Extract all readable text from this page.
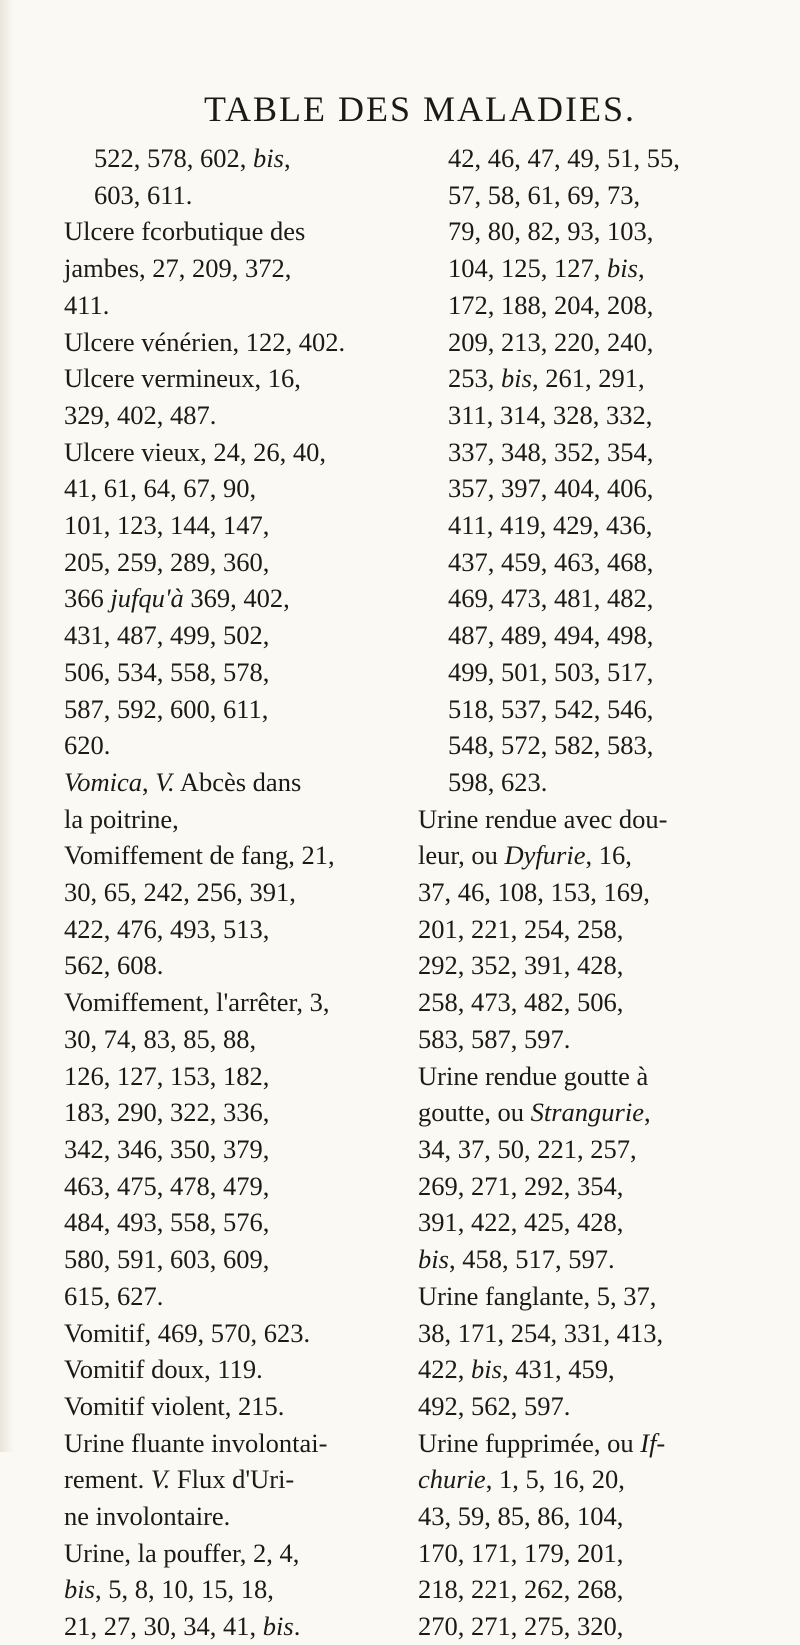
TABLE DES MALADIES.
522, 578, 602, bis,
603, 611.
Ulcere fcorbutique des
jambes, 27, 209, 372,
411.
Ulcere vénérien, 122, 402.
Ulcere vermineux, 16,
329, 402, 487.
Ulcere vieux, 24, 26, 40,
41, 61, 64, 67, 90,
101, 123, 144, 147,
205, 259, 289, 360,
366 jufqu'à 369, 402,
431, 487, 499, 502,
506, 534, 558, 578,
587, 592, 600, 611,
620.
Vomica, V. Abcès dans
la poitrine,
Vomiffement de fang, 21,
30, 65, 242, 256, 391,
422, 476, 493, 513,
562, 608.
Vomiffement, l'arrêter, 3,
30, 74, 83, 85, 88,
126, 127, 153, 182,
183, 290, 322, 336,
342, 346, 350, 379,
463, 475, 478, 479,
484, 493, 558, 576,
580, 591, 603, 609,
615, 627.
Vomitif, 469, 570, 623.
Vomitif doux, 119.
Vomitif violent, 215.
Urine fluante involontai-
rement. V. Flux d'Uri-
ne involontaire.
Urine, la pouffer, 2, 4,
bis, 5, 8, 10, 15, 18,
21, 27, 30, 34, 41, bis.
42, 46, 47, 49, 51, 55,
57, 58, 61, 69, 73,
79, 80, 82, 93, 103,
104, 125, 127, bis,
172, 188, 204, 208,
209, 213, 220, 240,
253, bis, 261, 291,
311, 314, 328, 332,
337, 348, 352, 354,
357, 397, 404, 406,
411, 419, 429, 436,
437, 459, 463, 468,
469, 473, 481, 482,
487, 489, 494, 498,
499, 501, 503, 517,
518, 537, 542, 546,
548, 572, 582, 583,
598, 623.
Urine rendue avec dou-
leur, ou Dyfurie, 16,
37, 46, 108, 153, 169,
201, 221, 254, 258,
292, 352, 391, 428,
258, 473, 482, 506,
583, 587, 597.
Urine rendue goutte à
goutte, ou Strangurie,
34, 37, 50, 221, 257,
269, 271, 292, 354,
391, 422, 425, 428,
bis, 458, 517, 597.
Urine fanglante, 5, 37,
38, 171, 254, 331, 413,
422, bis, 431, 459,
492, 562, 597.
Urine fupprimée, ou If-
churie, 1, 5, 16, 20,
43, 59, 85, 86, 104,
170, 171, 179, 201,
218, 221, 262, 268,
270, 271, 275, 320,
